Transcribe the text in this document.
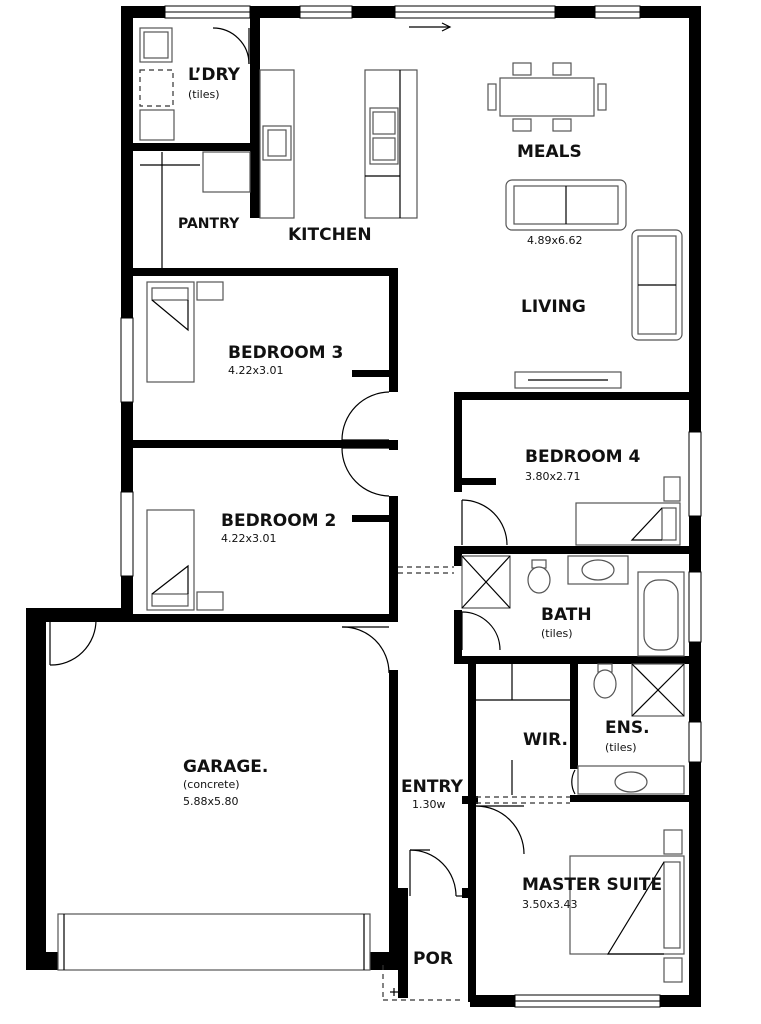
L’DRY
(tiles)
PANTRY
KITCHEN
MEALS
4.89x6.62
LIVING
BEDROOM 3
4.22x3.01
BEDROOM 2
4.22x3.01
BEDROOM 4
3.80x2.71
BATH
(tiles)
WIR.
ENS.
(tiles)
GARAGE.
(concrete)
5.88x5.80
ENTRY
1.30w
MASTER SUITE
3.50x3.43
POR
